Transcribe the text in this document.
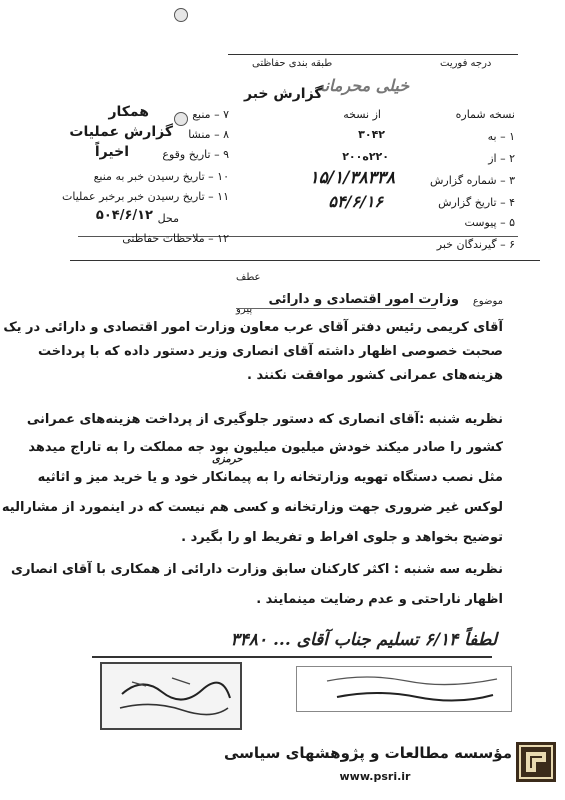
درجه فوریت
طبقه بندی حفاظتی
خیلی محرمانه
گزارش خبر
نسخه شماره
از نسخه
۱ – به
۳۰۴۲
۲ – از
۲۲۰ه۲۰۰
۳ – شماره گزارش
۱۵/۱/۳۸۳۳۸
۴ – تاریخ گزارش
۵۴/۶/۱۶
۵ – پیوست
۶ – گیرندگان خبر
۷ – منبع
همکار
۸ – منشا
گزارش عملیات
۹ – تاریخ وقوع
اخیراً
۱۰ – تاریخ رسیدن خبر به منبع
۱۱ – تاریخ رسیدن خبر برخبر عملیات
محل
۵۰۴/۶/۱۲
۱۲ – ملاحظات حفاظتی
موضوع
وزارت امور اقتصادی و دارائی
عطف
پیرو
آقای کریمی رئیس دفتر آقای عرب معاون وزارت امور اقتصادی و دارائی در یک
صحبت خصوصی اظهار داشته آقای انصاری وزیر دستور داده که با پرداخت
هزینه‌های عمرانی کشور موافقت نکنند .
نظریه شنبه :آقای انصاری که دستور جلوگیری از پرداخت هزینه‌های عمرانی
کشور را صادر میکند خودش میلیون میلیون بود جه مملکت را به تاراج میدهد
حرمزی
مثل نصب دستگاه تهویه وزارتخانه را به پیمانکار خود و یا خرید میز و اثاثیه
لوکس غیر ضروری جهت وزارتخانه و کسی هم نیست که در اینمورد از مشارالیه
توضیح بخواهد و جلوی افراط و تفریط او را بگیرد .
نظریه سه شنبه : اکثر کارکنان سابق وزارت دارائی از همکاری با آقای انصاری
اظهار ناراحتی و عدم رضایت مینمایند .
لطفاً ۶/۱۴ تسلیم جناب آقای ... ۳۴۸۰
مؤسسه مطالعات و پژوهشهای سیاسی
www.psri.ir
